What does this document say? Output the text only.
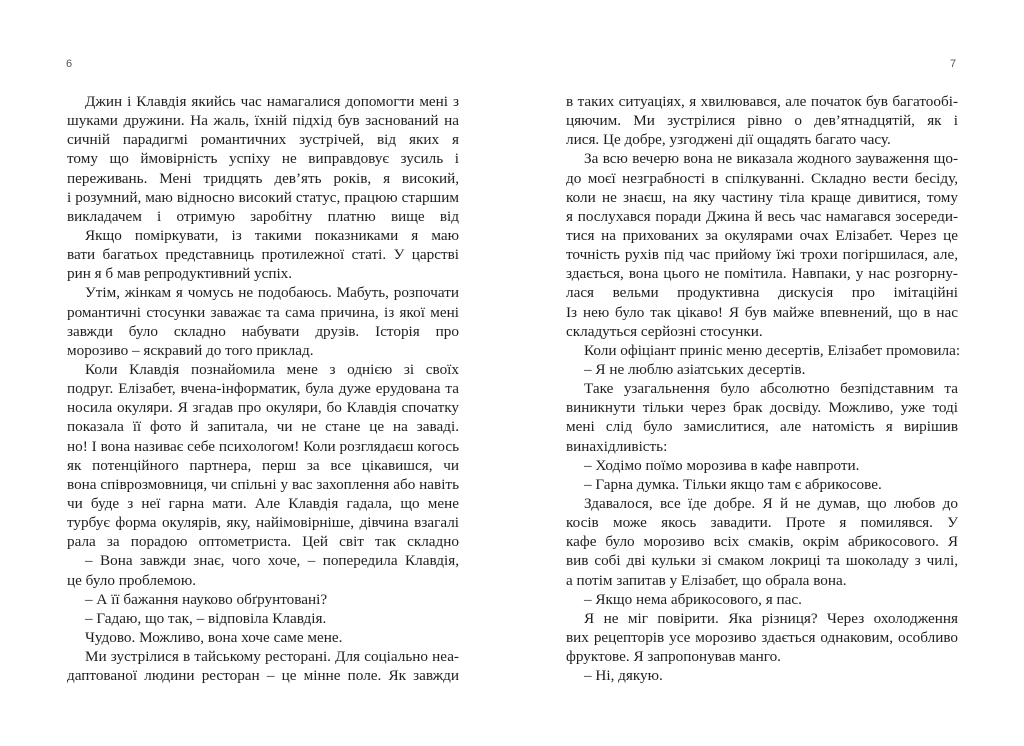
6	7
Джин і Клавдія якийсь час намагалися допомогти мені з
шуками дружини. На жаль, їхній підхід був заснований на
сичній парадигмі романтичних зустрічей, від яких я
тому що ймовірність успіху не виправдовує зусиль і
переживань. Мені тридцять дев’ять років, я високий,
і розумний, маю відносно високий статус, працюю старшим
викладачем і отримую заробітну платню вище від
Якщо поміркувати, із такими показниками я маю
вати багатьох представниць протилежної статі. У царстві
рин я б мав репродуктивний успіх.
Утім, жінкам я чомусь не подобаюсь. Мабуть, розпочати
романтичні стосунки заважає та сама причина, із якої мені
завжди було складно набувати друзів. Історія про
морозиво – яскравий до того приклад.
Коли Клавдія познайомила мене з однією зі своїх
подруг. Елізабет, вчена-інформатик, була дуже ерудована та
носила окуляри. Я згадав про окуляри, бо Клавдія спочатку
показала її фото й запитала, чи не стане це на заваді.
но! І вона називає себе психологом! Коли розглядаєш когось
як потенційного партнера, перш за все цікавишся, чи
вона співрозмовниця, чи спільні у вас захоплення або навіть
чи буде з неї гарна мати. Але Клавдія гадала, що мене
турбує форма окулярів, яку, найімовірніше, дівчина взагалі
рала за порадою оптометриста. Цей світ так складно
– Вона завжди знає, чого хоче, – попередила Клавдія,
це було проблемою.
– А її бажання науково обґрунтовані?
– Гадаю, що так, – відповіла Клавдія.
Чудово. Можливо, вона хоче саме мене.
Ми зустрілися в тайському ресторані. Для соціально неа-
даптованої людини ресторан – це мінне поле. Як завжди
в таких ситуаціях, я хвилювався, але початок був багатообі-
цяючим. Ми зустрілися рівно о дев’ятнадцятій, як і
лися. Це добре, узгоджені дії ощадять багато часу.
За всю вечерю вона не виказала жодного зауваження що-
до моєї незграбності в спілкуванні. Складно вести бесіду,
коли не знаєш, на яку частину тіла краще дивитися, тому
я послухався поради Джина й весь час намагався зосереди-
тися на прихованих за окулярами очах Елізабет. Через це
точність рухів під час прийому їжі трохи погіршилася, але,
здається, вона цього не помітила. Навпаки, у нас розгорну-
лася вельми продуктивна дискусія про імітаційні
Із нею було так цікаво! Я був майже впевнений, що в нас
складуться серйозні стосунки.
Коли офіціант приніс меню десертів, Елізабет промовила:
– Я не люблю азіатських десертів.
Таке узагальнення було абсолютно безпідставним та
виникнути тільки через брак досвіду. Можливо, уже тоді
мені слід було замислитися, але натомість я вирішив
винахідливість:
– Ходімо поїмо морозива в кафе навпроти.
– Гарна думка. Тільки якщо там є абрикосове.
Здавалося, все їде добре. Я й не думав, що любов до
косів може якось завадити. Проте я помилявся. У
кафе було морозиво всіх смаків, окрім абрикосового. Я
вив собі дві кульки зі смаком локриці та шоколаду з чилі,
а потім запитав у Елізабет, що обрала вона.
– Якщо нема абрикосового, я пас.
Я не міг повірити. Яка різниця? Через охолодження
вих рецепторів усе морозиво здається однаковим, особливо
фруктове. Я запропонував манго.
– Ні, дякую.
